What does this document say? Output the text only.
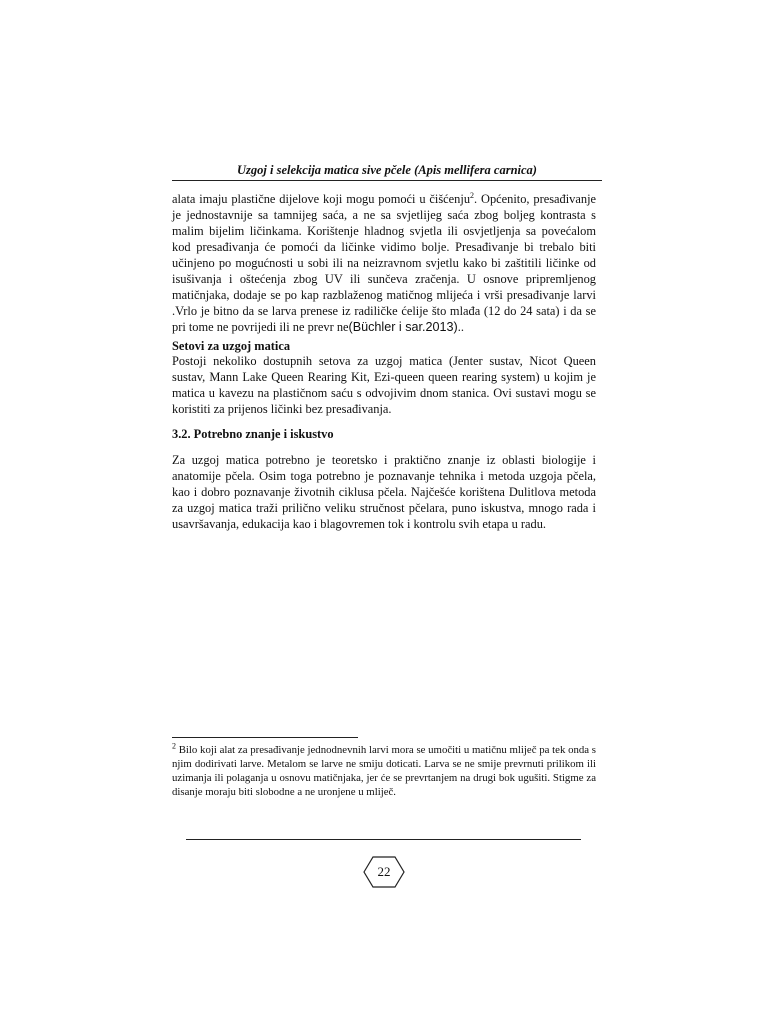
Uzgoj i selekcija matica sive pčele (Apis mellifera carnica)

alata imaju plastične dijelove koji mogu pomoći u čišćenju$^2$. Općenito, presađivanje je jednostavnije sa tamnijeg saća, a ne sa svjetlijeg saća zbog boljeg kontrasta s malim bijelim ličinkama. Korištenje hladnog svjetla ili osvjetljenja sa povećalom kod presađivanja će pomoći da ličinke vidimo bolje. Presađivanje bi trebalo biti učinjeno po mogućnosti u sobi ili na neizravnom svjetlu kako bi zaštitili ličinke od isušivanja i oštećenja zbog UV ili sunčeva zračenja. U osnove pripremljenog matičnjaka, dodaje se po kap razblaženog matičnog mlijeća i vrši presađivanje larvi .Vrlo je bitno da se larva prenese iz radiličke ćelije što mlađa (12 do 24 sata) i da se pri tome ne povrijedi ili ne prevr ne(Büchler i sar.2013)..

Setovi za uzgoj matica
Postoji nekoliko dostupnih setova za uzgoj matica (Jenter sustav, Nicot Queen sustav, Mann Lake Queen Rearing Kit, Ezi-queen queen rearing system) u kojim je matica u kavezu na plastičnom saću s odvojivim dnom stanica. Ovi sustavi mogu se koristiti za prijenos ličinki bez presađivanja.
3.2. Potrebno znanje i iskustvo
Za uzgoj matica potrebno je teoretsko i praktično znanje iz oblasti biologije i anatomije pčela. Osim toga potrebno je poznavanje tehnika i metoda uzgoja pčela, kao i dobro poznavanje životnih ciklusa pčela. Najčešće korištena Dulitlova metoda za uzgoj matica traži prilično veliku stručnost pčelara, puno iskustva, mnogo rada i usavršavanja, edukacija kao i blagovremen tok i kontrolu svih etapa u radu.
$^2$ Bilo koji alat za presađivanje jednodnevnih larvi mora se umočiti u matičnu mliječ pa tek onda s njim dodirivati larve. Metalom se larve ne smiju doticati. Larva se ne smije prevrnuti prilikom ili uzimanja ili polaganja u osnovu matičnjaka, jer će se prevrtanjem na drugi bok ugušiti. Stigme za disanje moraju biti slobodne a ne uronjene u mliječ.
22
